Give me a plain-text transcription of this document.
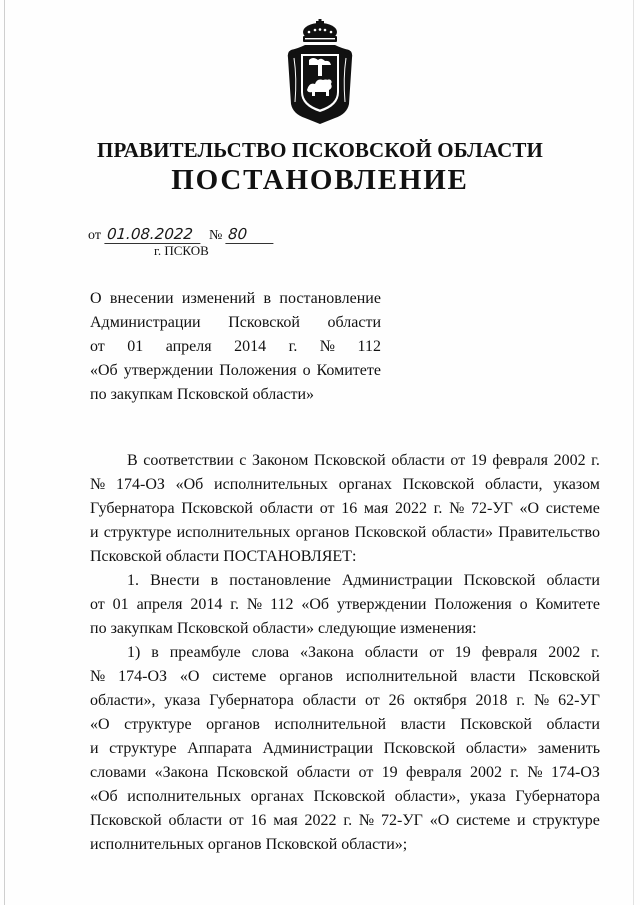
ПРАВИТЕЛЬСТВО ПСКОВСКОЙ ОБЛАСТИ
ПОСТАНОВЛЕНИЕ
от 01.08.2022 № 80
г. ПСКОВ
О внесении изменений в постановление
Администрации Псковской области
от 01 апреля 2014 г. № 112
«Об утверждении Положения о Комитете
по закупкам Псковской области»
В соответствии с Законом Псковской области от 19 февраля 2002 г.
№ 174-ОЗ «Об исполнительных органах Псковской области, указом
Губернатора Псковской области от 16 мая 2022 г. № 72-УГ «О системе
и структуре исполнительных органов Псковской области» Правительство
Псковской области ПОСТАНОВЛЯЕТ:
1. Внести в постановление Администрации Псковской области
от 01 апреля 2014 г. № 112 «Об утверждении Положения о Комитете
по закупкам Псковской области» следующие изменения:
1) в преамбуле слова «Закона области от 19 февраля 2002 г.
№ 174-ОЗ «О системе органов исполнительной власти Псковской
области», указа Губернатора области от 26 октября 2018 г. № 62-УГ
«О структуре органов исполнительной власти Псковской области
и структуре Аппарата Администрации Псковской области» заменить
словами «Закона Псковской области от 19 февраля 2002 г. № 174-ОЗ
«Об исполнительных органах Псковской области», указа Губернатора
Псковской области от 16 мая 2022 г. № 72-УГ «О системе и структуре
исполнительных органов Псковской области»;
